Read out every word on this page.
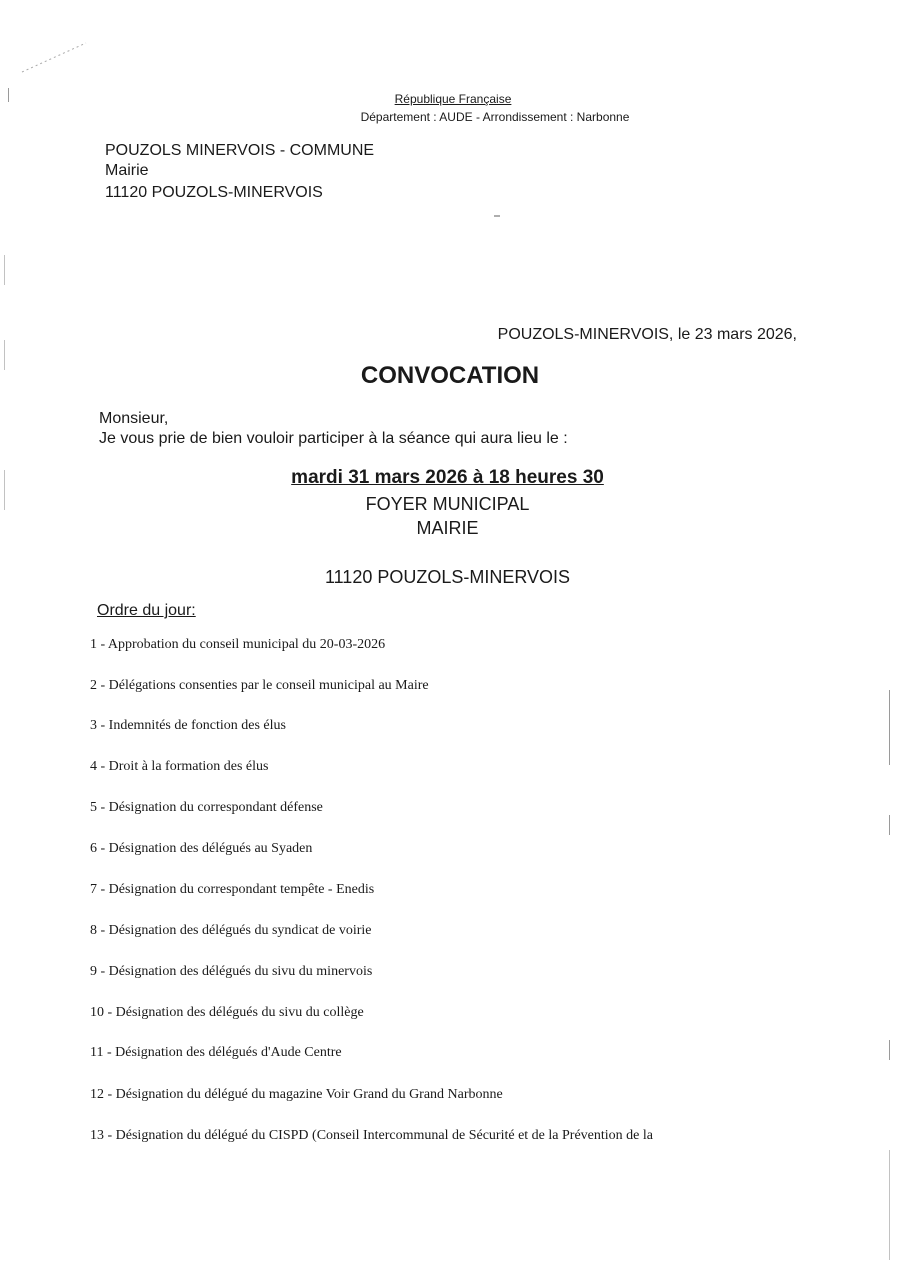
République Française
Département : AUDE - Arrondissement : Narbonne
POUZOLS MINERVOIS - COMMUNE
Mairie
11120 POUZOLS-MINERVOIS
POUZOLS-MINERVOIS, le 23 mars 2026,
CONVOCATION
Monsieur,
Je vous prie de bien vouloir participer à la séance qui aura lieu le :
mardi 31 mars 2026 à 18 heures 30
FOYER MUNICIPAL
MAIRIE
11120 POUZOLS-MINERVOIS
Ordre du jour:
1 - Approbation du conseil municipal du 20-03-2026
2 - Délégations consenties par le conseil municipal au Maire
3 - Indemnités de fonction des élus
4 - Droit à la formation des élus
5 - Désignation du correspondant défense
6 - Désignation des délégués au Syaden
7 - Désignation du correspondant tempête - Enedis
8 - Désignation des délégués du syndicat de voirie
9 - Désignation des délégués du sivu du minervois
10 - Désignation des délégués du sivu du collège
11 - Désignation des délégués d'Aude Centre
12 - Désignation du délégué du magazine Voir Grand du Grand Narbonne
13 - Désignation du délégué du CISPD (Conseil Intercommunal de Sécurité et de la Prévention de la
